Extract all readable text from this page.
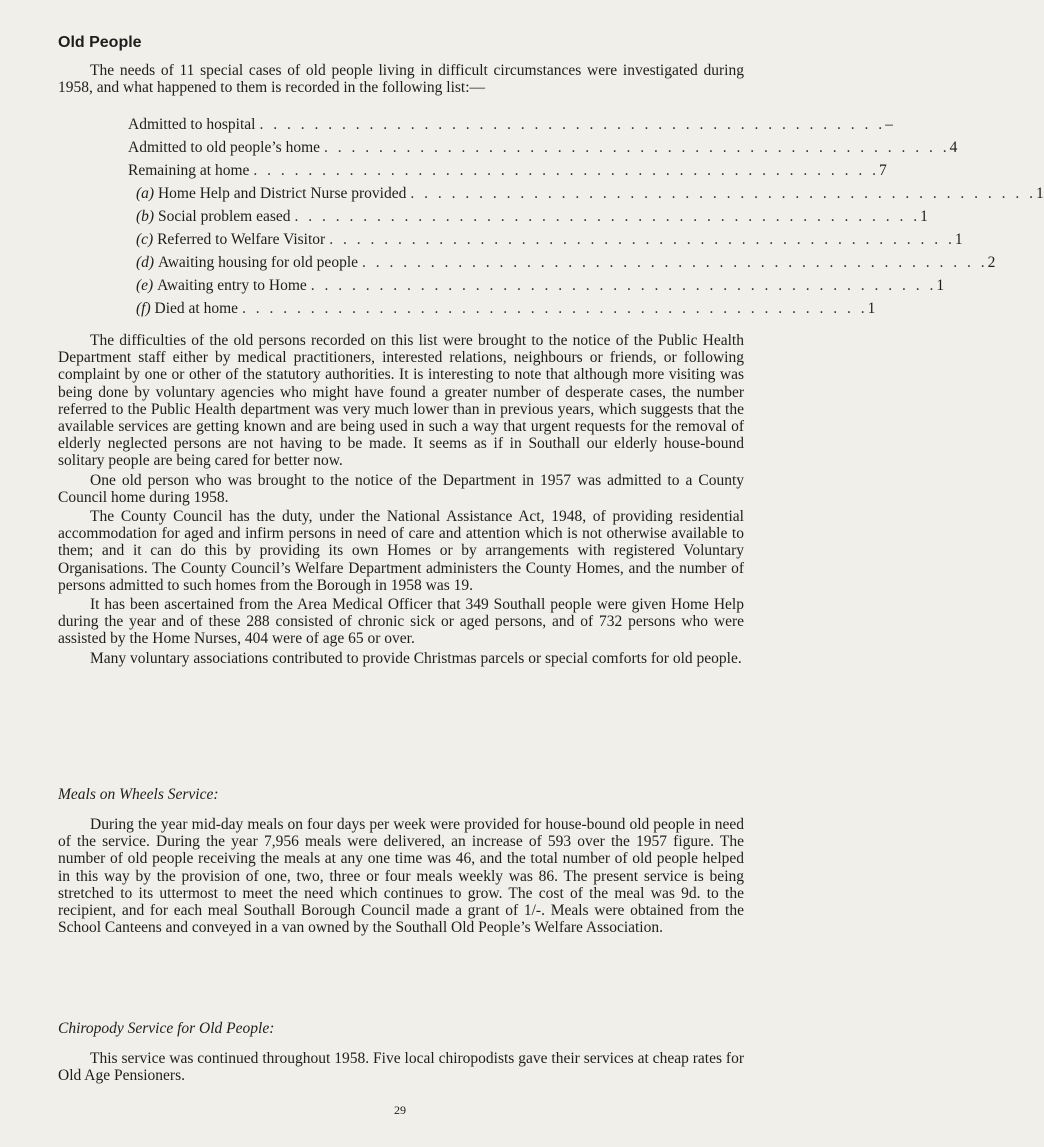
Old People

The needs of 11 special cases of old people living in difficult circumstances were investigated during 1958, and what happened to them is recorded in the following list:—

Admitted to hospital . . . . . . . . . . . . . . . . . . . . . . . . . . . . . . . . . . . . . . . . . . . . . . –
Admitted to old people’s home . . . . . . . . . . . . . . . . . . . . . . . . . . . . . . . . . . . . . . . . . . . . . . 4
Remaining at home . . . . . . . . . . . . . . . . . . . . . . . . . . . . . . . . . . . . . . . . . . . . . . 7
(a) Home Help and District Nurse provided . . . . . . . . . . . . . . . . . . . . . . . . . . . . . . . . . . . . . . . . . . . . . . 1
(b) Social problem eased . . . . . . . . . . . . . . . . . . . . . . . . . . . . . . . . . . . . . . . . . . . . . . 1
(c) Referred to Welfare Visitor . . . . . . . . . . . . . . . . . . . . . . . . . . . . . . . . . . . . . . . . . . . . . . 1
(d) Awaiting housing for old people . . . . . . . . . . . . . . . . . . . . . . . . . . . . . . . . . . . . . . . . . . . . . . 2
(e) Awaiting entry to Home . . . . . . . . . . . . . . . . . . . . . . . . . . . . . . . . . . . . . . . . . . . . . . 1
(f) Died at home . . . . . . . . . . . . . . . . . . . . . . . . . . . . . . . . . . . . . . . . . . . . . . 1

The difficulties of the old persons recorded on this list were brought to the notice of the Public Health Department staff either by medical practitioners, interested relations, neighbours or friends, or following complaint by one or other of the statutory authorities. It is interesting to note that although more visiting was being done by voluntary agencies who might have found a greater number of desperate cases, the number referred to the Public Health department was very much lower than in previous years, which suggests that the available services are getting known and are being used in such a way that urgent requests for the removal of elderly neglected persons are not having to be made. It seems as if in Southall our elderly house-bound solitary people are being cared for better now.

One old person who was brought to the notice of the Department in 1957 was admitted to a County Council home during 1958.

The County Council has the duty, under the National Assistance Act, 1948, of providing residential accommodation for aged and infirm persons in need of care and attention which is not otherwise available to them; and it can do this by providing its own Homes or by arrangements with registered Voluntary Organisations. The County Council’s Welfare Department administers the County Homes, and the number of persons admitted to such homes from the Borough in 1958 was 19.

It has been ascertained from the Area Medical Officer that 349 Southall people were given Home Help during the year and of these 288 consisted of chronic sick or aged persons, and of 732 persons who were assisted by the Home Nurses, 404 were of age 65 or over.

Many voluntary associations contributed to provide Christmas parcels or special comforts for old people.

Meals on Wheels Service:

During the year mid-day meals on four days per week were provided for house-bound old people in need of the service. During the year 7,956 meals were delivered, an increase of 593 over the 1957 figure. The number of old people receiving the meals at any one time was 46, and the total number of old people helped in this way by the provision of one, two, three or four meals weekly was 86. The present service is being stretched to its uttermost to meet the need which continues to grow. The cost of the meal was 9d. to the recipient, and for each meal Southall Borough Council made a grant of 1/-. Meals were obtained from the School Canteens and conveyed in a van owned by the Southall Old People’s Welfare Association.

Chiropody Service for Old People:

This service was continued throughout 1958. Five local chiropodists gave their services at cheap rates for Old Age Pensioners.

29
